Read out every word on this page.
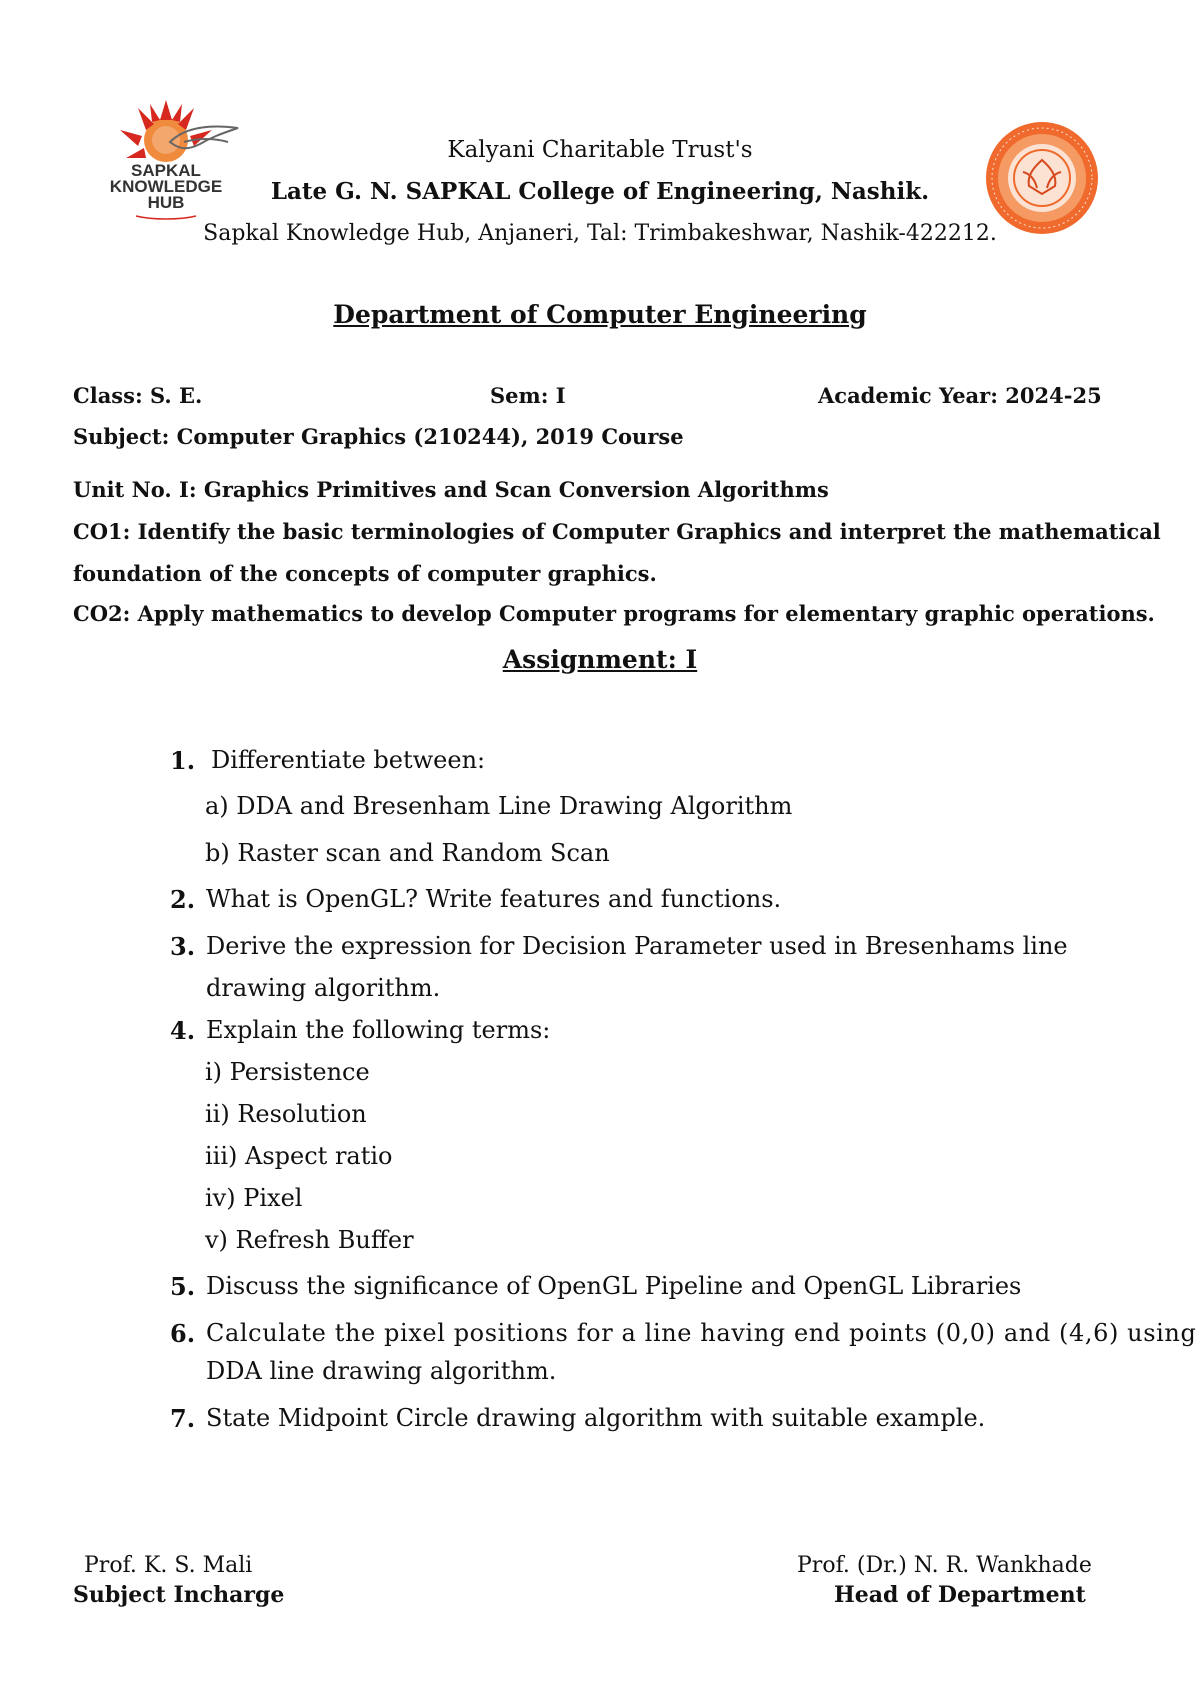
SAPKAL
KNOWLEDGE
HUB
Kalyani Charitable Trust's
Late G. N. SAPKAL College of Engineering, Nashik.
Sapkal Knowledge Hub, Anjaneri, Tal: Trimbakeshwar, Nashik-422212.
Department of Computer Engineering
Class: S. E.	Sem: I	Academic Year: 2024-25
Subject: Computer Graphics (210244), 2019 Course
Unit No. I: Graphics Primitives and Scan Conversion Algorithms
CO1: Identify the basic terminologies of Computer Graphics and interpret the mathematical
foundation of the concepts of computer graphics.
CO2: Apply mathematics to develop Computer programs for elementary graphic operations.
Assignment: I
1. Differentiate between:
a) DDA and Bresenham Line Drawing Algorithm
b) Raster scan and Random Scan
2. What is OpenGL? Write features and functions.
3. Derive the expression for Decision Parameter used in Bresenhams line
drawing algorithm.
4. Explain the following terms:
i) Persistence
ii) Resolution
iii) Aspect ratio
iv) Pixel
v) Refresh Buffer
5. Discuss the significance of OpenGL Pipeline and OpenGL Libraries
6. Calculate the pixel positions for a line having end points (0,0) and (4,6) using
DDA line drawing algorithm.
7. State Midpoint Circle drawing algorithm with suitable example.
Prof. K. S. Mali
Subject Incharge
Prof. (Dr.) N. R. Wankhade
Head of Department
